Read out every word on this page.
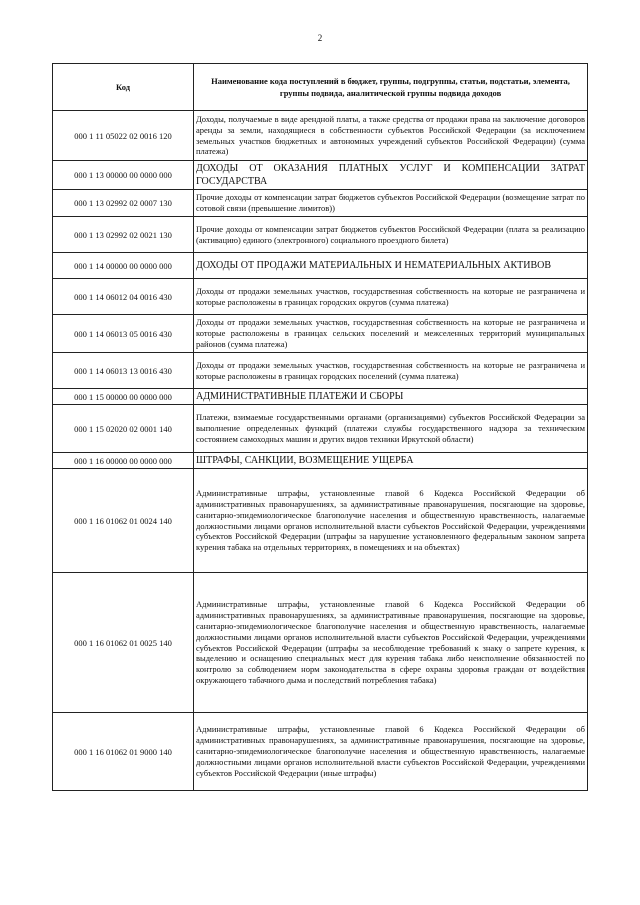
2
Код	Наименование кода поступлений в бюджет, группы, подгруппы, статьи, подстатьи, элемента, группы подвида, аналитической группы подвида доходов
000 1 11 05022 02 0016 120	Доходы, получаемые в виде арендной платы, а также средства от продажи права на заключение договоров аренды за земли, находящиеся в собственности субъектов Российской Федерации (за исключением земельных участков бюджетных и автономных учреждений субъектов Российской Федерации) (сумма платежа)
000 1 13 00000 00 0000 000	ДОХОДЫ ОТ ОКАЗАНИЯ ПЛАТНЫХ УСЛУГ И КОМПЕНСАЦИИ ЗАТРАТ ГОСУДАРСТВА
000 1 13 02992 02 0007 130	Прочие доходы от компенсации затрат бюджетов субъектов Российской Федерации (возмещение затрат по сотовой связи (превышение лимитов))
000 1 13 02992 02 0021 130	Прочие доходы от компенсации затрат бюджетов субъектов Российской Федерации (плата за реализацию (активацию) единого (электронного) социального проездного билета)
000 1 14 00000 00 0000 000	ДОХОДЫ ОТ ПРОДАЖИ МАТЕРИАЛЬНЫХ И НЕМАТЕРИАЛЬНЫХ АКТИВОВ
000 1 14 06012 04 0016 430	Доходы от продажи земельных участков, государственная собственность на которые не разграничена и которые расположены в границах городских округов (сумма платежа)
000 1 14 06013 05 0016 430	Доходы от продажи земельных участков, государственная собственность на которые не разграничена и которые расположены в границах сельских поселений и межселенных территорий муниципальных районов (сумма платежа)
000 1 14 06013 13 0016 430	Доходы от продажи земельных участков, государственная собственность на которые не разграничена и которые расположены в границах городских поселений (сумма платежа)
000 1 15 00000 00 0000 000	АДМИНИСТРАТИВНЫЕ ПЛАТЕЖИ И СБОРЫ
000 1 15 02020 02 0001 140	Платежи, взимаемые государственными органами (организациями) субъектов Российской Федерации за выполнение определенных функций (платежи службы государственного надзора за техническим состоянием самоходных машин и других видов техники Иркутской области)
000 1 16 00000 00 0000 000	ШТРАФЫ, САНКЦИИ, ВОЗМЕЩЕНИЕ УЩЕРБА
000 1 16 01062 01 0024 140	Административные штрафы, установленные главой 6 Кодекса Российской Федерации об административных правонарушениях, за административные правонарушения, посягающие на здоровье, санитарно-эпидемиологическое благополучие населения и общественную нравственность, налагаемые должностными лицами органов исполнительной власти субъектов Российской Федерации, учреждениями субъектов Российской Федерации (штрафы за нарушение установленного федеральным законом запрета курения табака на отдельных территориях, в помещениях и на объектах)
000 1 16 01062 01 0025 140	Административные штрафы, установленные главой 6 Кодекса Российской Федерации об административных правонарушениях, за административные правонарушения, посягающие на здоровье, санитарно-эпидемиологическое благополучие населения и общественную нравственность, налагаемые должностными лицами органов исполнительной власти субъектов Российской Федерации, учреждениями субъектов Российской Федерации (штрафы за несоблюдение требований к знаку о запрете курения, к выделению и оснащению специальных мест для курения табака либо неисполнение обязанностей по контролю за соблюдением норм законодательства в сфере охраны здоровья граждан от воздействия окружающего табачного дыма и последствий потребления табака)
000 1 16 01062 01 9000 140	Административные штрафы, установленные главой 6 Кодекса Российской Федерации об административных правонарушениях, за административные правонарушения, посягающие на здоровье, санитарно-эпидемиологическое благополучие населения и общественную нравственность, налагаемые должностными лицами органов исполнительной власти субъектов Российской Федерации, учреждениями субъектов Российской Федерации (иные штрафы)
